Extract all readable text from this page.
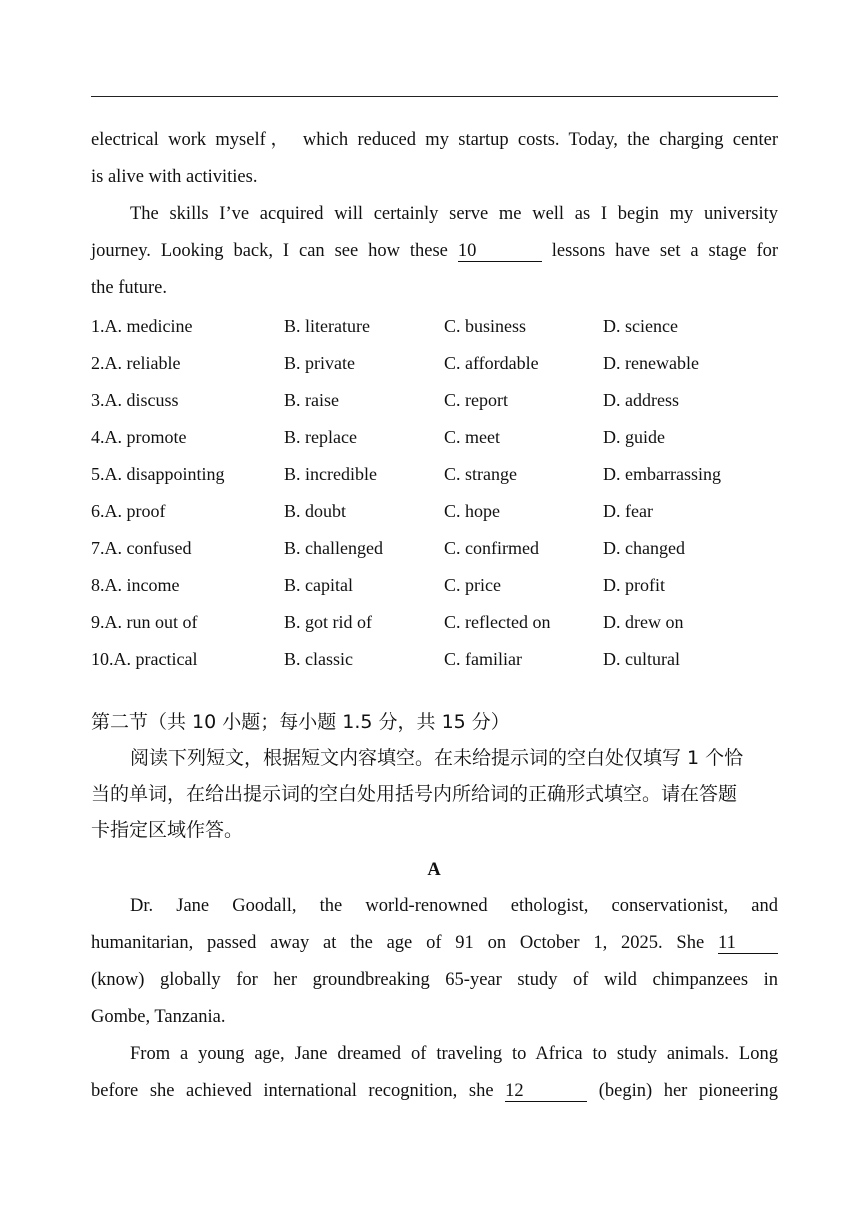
electrical work myself， which reduced my startup costs. Today, the charging center
is alive with activities.
The skills I’ve acquired will certainly serve me well as I begin my university
journey. Looking back, I can see how these 10	lessons have set a stage for
the future.
1.A. medicine	B. literature	C. business	D. science
2.A. reliable	B. private	C. affordable	D. renewable
3.A. discuss	B. raise	C. report	D. address
4.A. promote	B. replace	C. meet	D. guide
5.A. disappointing	B. incredible	C. strange	D. embarrassing
6.A. proof	B. doubt	C. hope	D. fear
7.A. confused	B. challenged	C. confirmed	D. changed
8.A. income	B. capital	C. price	D. profit
9.A. run out of	B. got rid of	C. reflected on	D. drew on
10.A. practical	B. classic	C. familiar	D. cultural
第二节（共 10 小题；每小题 1.5 分，共 15 分）
阅读下列短文，根据短文内容填空。在未给提示词的空白处仅填写 1 个恰
当的单词，在给出提示词的空白处用括号内所给词的正确形式填空。请在答题
卡指定区域作答。
A
Dr. Jane Goodall, the world-renowned ethologist, conservationist, and
humanitarian, passed away at the age of 91 on October 1, 2025. She 11
(know) globally for her groundbreaking 65-year study of wild chimpanzees in
Gombe, Tanzania.
From a young age, Jane dreamed of traveling to Africa to study animals. Long
before she achieved international recognition, she 12	(begin) her pioneering
